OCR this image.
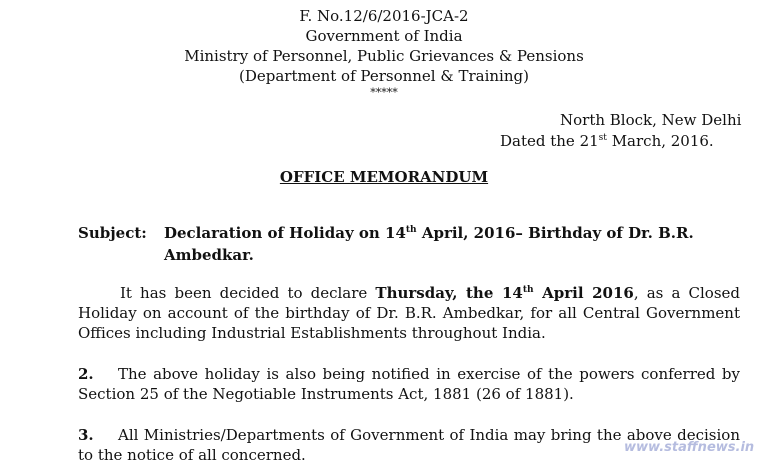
F. No.12/6/2016-JCA-2
Government of India
Ministry of Personnel, Public Grievances & Pensions
(Department of Personnel & Training)
*****
North Block, New Delhi
Dated the 21st March, 2016.
OFFICE MEMORANDUM
Subject: Declaration of Holiday on 14th April, 2016– Birthday of Dr. B.R.
Ambedkar.
It has been decided to declare Thursday, the 14th April 2016, as a Closed Holiday on account of the birthday of Dr. B.R. Ambedkar, for all Central Government Offices including Industrial Establishments throughout India.
2. The above holiday is also being notified in exercise of the powers conferred by Section 25 of the Negotiable Instruments Act, 1881 (26 of 1881).
3. All Ministries/Departments of Government of India may bring the above decision to the notice of all concerned.	www.staffnews.in
